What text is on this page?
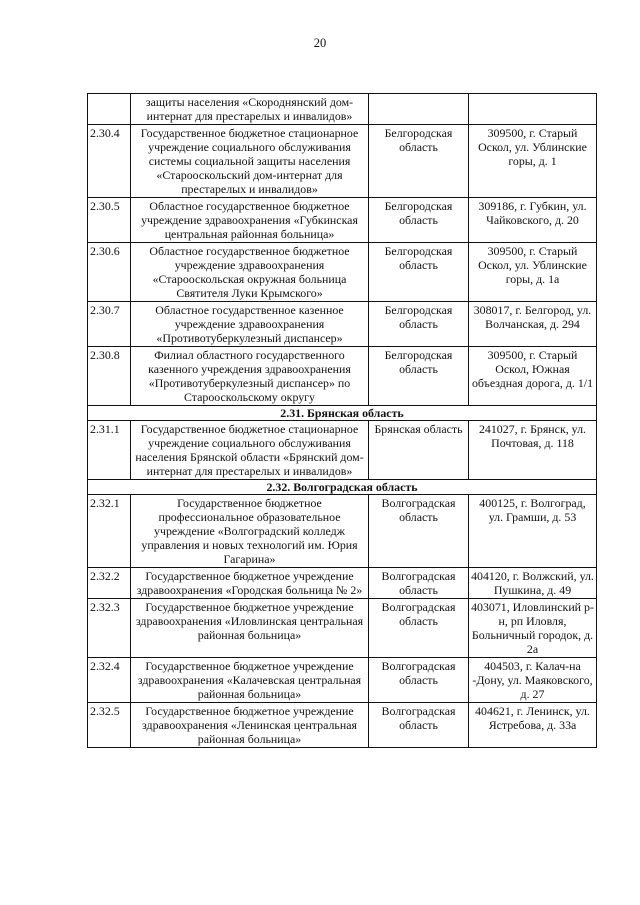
20
	защиты населения «Скороднянский дом-интернат для престарелых и инвалидов»		
2.30.4	Государственное бюджетное стационарное учреждение социального обслуживания системы социальной защиты населения «Старооскольский дом-интернат для престарелых и инвалидов»	Белгородская область	309500, г. Старый Оскол, ул. Ублинские горы, д. 1
2.30.5	Областное государственное бюджетное учреждение здравоохранения «Губкинская центральная районная больница»	Белгородская область	309186, г. Губкин, ул. Чайковского, д. 20
2.30.6	Областное государственное бюджетное учреждение здравоохранения «Старооскольская окружная больница Святителя Луки Крымского»	Белгородская область	309500, г. Старый Оскол, ул. Ублинские горы, д. 1а
2.30.7	Областное государственное казенное учреждение здравоохранения «Противотуберкулезный диспансер»	Белгородская область	308017, г. Белгород, ул. Волчанская, д. 294
2.30.8	Филиал областного государственного казенного учреждения здравоохранения «Противотуберкулезный диспансер» по Старооскольскому округу	Белгородская область	309500, г. Старый Оскол, Южная объездная дорога, д. 1/1
2.31. Брянская область			
2.31.1	Государственное бюджетное стационарное учреждение социального обслуживания населения Брянской области «Брянский дом-интернат для престарелых и инвалидов»	Брянская область	241027, г. Брянск, ул. Почтовая, д. 118
2.32. Волгоградская область			
2.32.1	Государственное бюджетное профессиональное образовательное учреждение «Волгоградский колледж управления и новых технологий им. Юрия Гагарина»	Волгоградская область	400125, г. Волгоград, ул. Грамши, д. 53
2.32.2	Государственное бюджетное учреждение здравоохранения «Городская больница № 2»	Волгоградская область	404120, г. Волжский, ул. Пушкина, д. 49
2.32.3	Государственное бюджетное учреждение здравоохранения «Иловлинская центральная районная больница»	Волгоградская область	403071, Иловлинский р-н, рп Иловля, Больничный городок, д. 2а
2.32.4	Государственное бюджетное учреждение здравоохранения «Калачевская центральная районная больница»	Волгоградская область	404503, г. Калач-на -Дону, ул. Маяковского, д. 27
2.32.5	Государственное бюджетное учреждение здравоохранения «Ленинская центральная районная больница»	Волгоградская область	404621, г. Ленинск, ул. Ястребова, д. 33а
